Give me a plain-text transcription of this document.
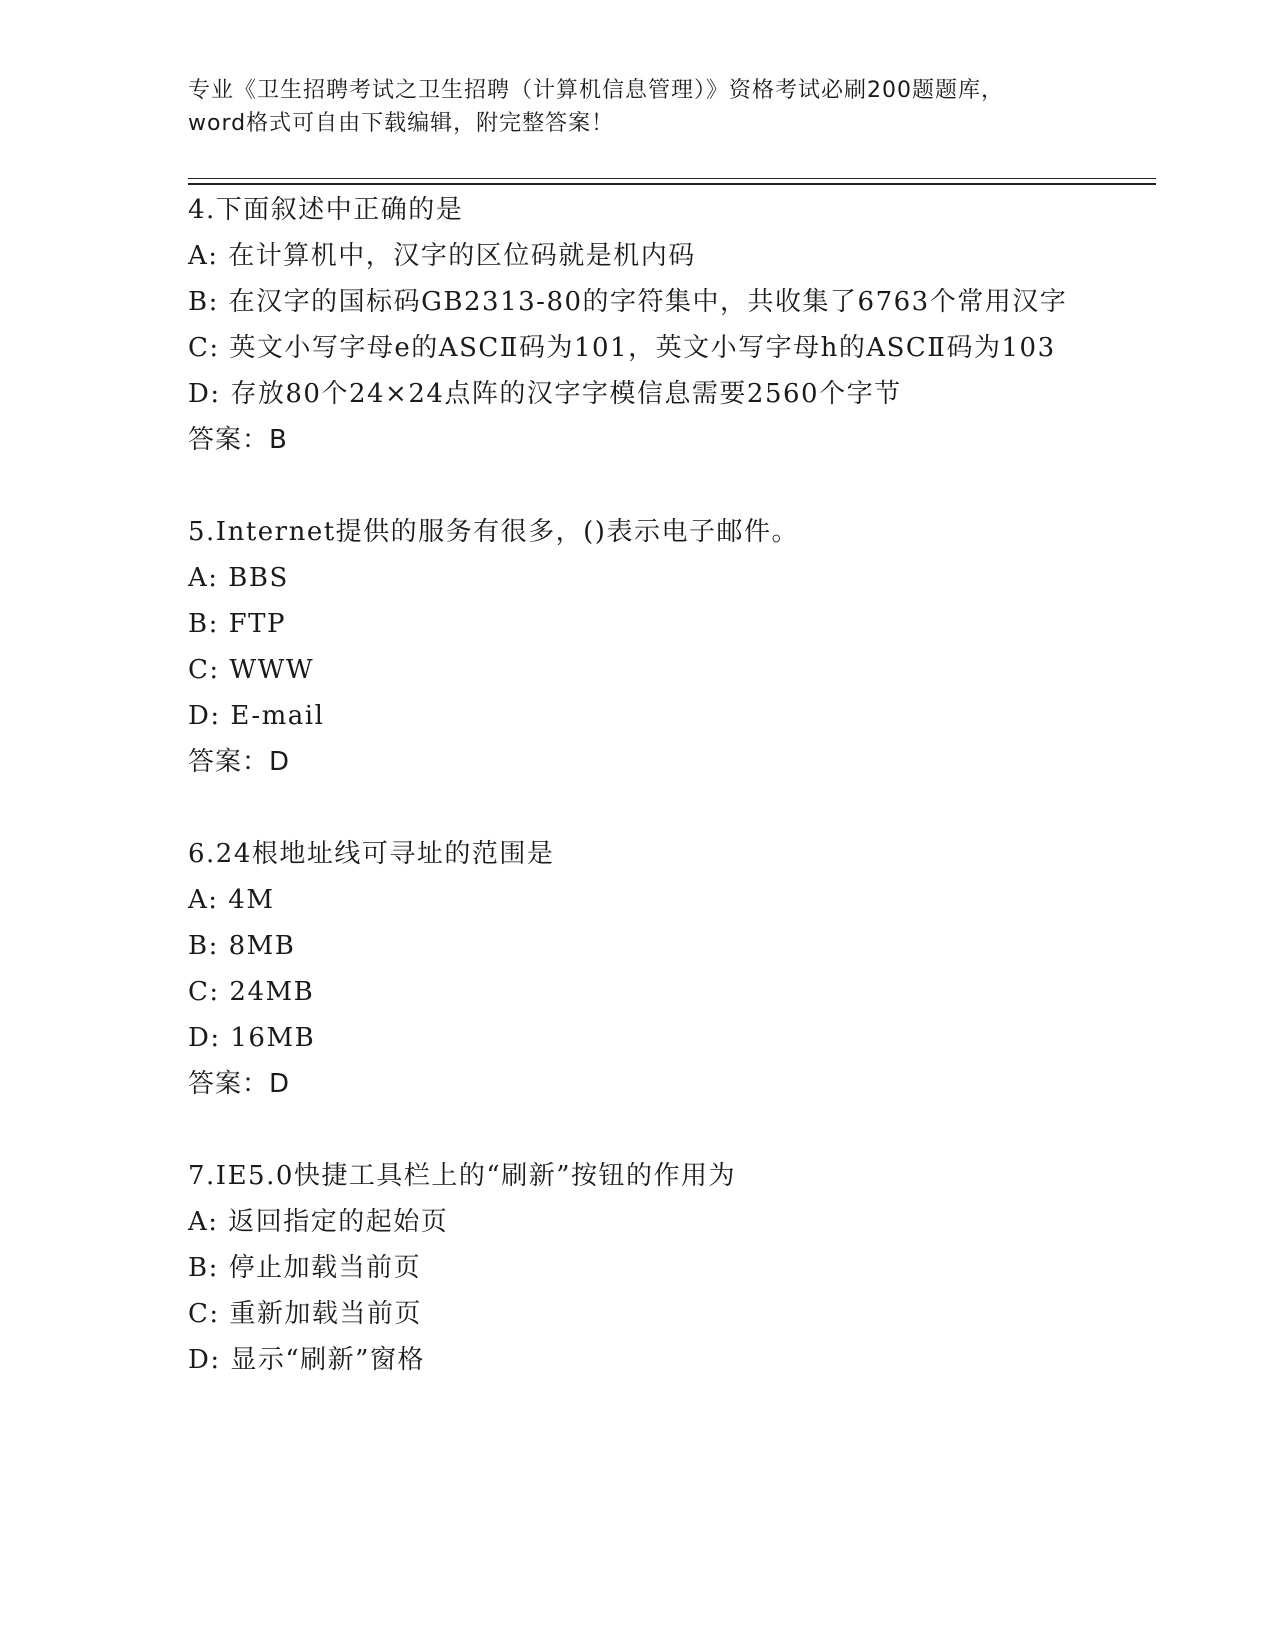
专业《卫生招聘考试之卫生招聘（计算机信息管理）》资格考试必刷200题题库，
word格式可自由下载编辑，附完整答案！
4.下面叙述中正确的是
A: 在计算机中，汉字的区位码就是机内码
B: 在汉字的国标码GB2313-80的字符集中，共收集了6763个常用汉字
C: 英文小写字母e的ASCⅡ码为101，英文小写字母h的ASCⅡ码为103
D: 存放80个24×24点阵的汉字字模信息需要2560个字节
答案：B
5.Internet提供的服务有很多，()表示电子邮件。
A: BBS
B: FTP
C: WWW
D: E-mail
答案：D
6.24根地址线可寻址的范围是
A: 4M
B: 8MB
C: 24MB
D: 16MB
答案：D
7.IE5.0快捷工具栏上的“刷新”按钮的作用为
A: 返回指定的起始页
B: 停止加载当前页
C: 重新加载当前页
D: 显示“刷新”窗格
